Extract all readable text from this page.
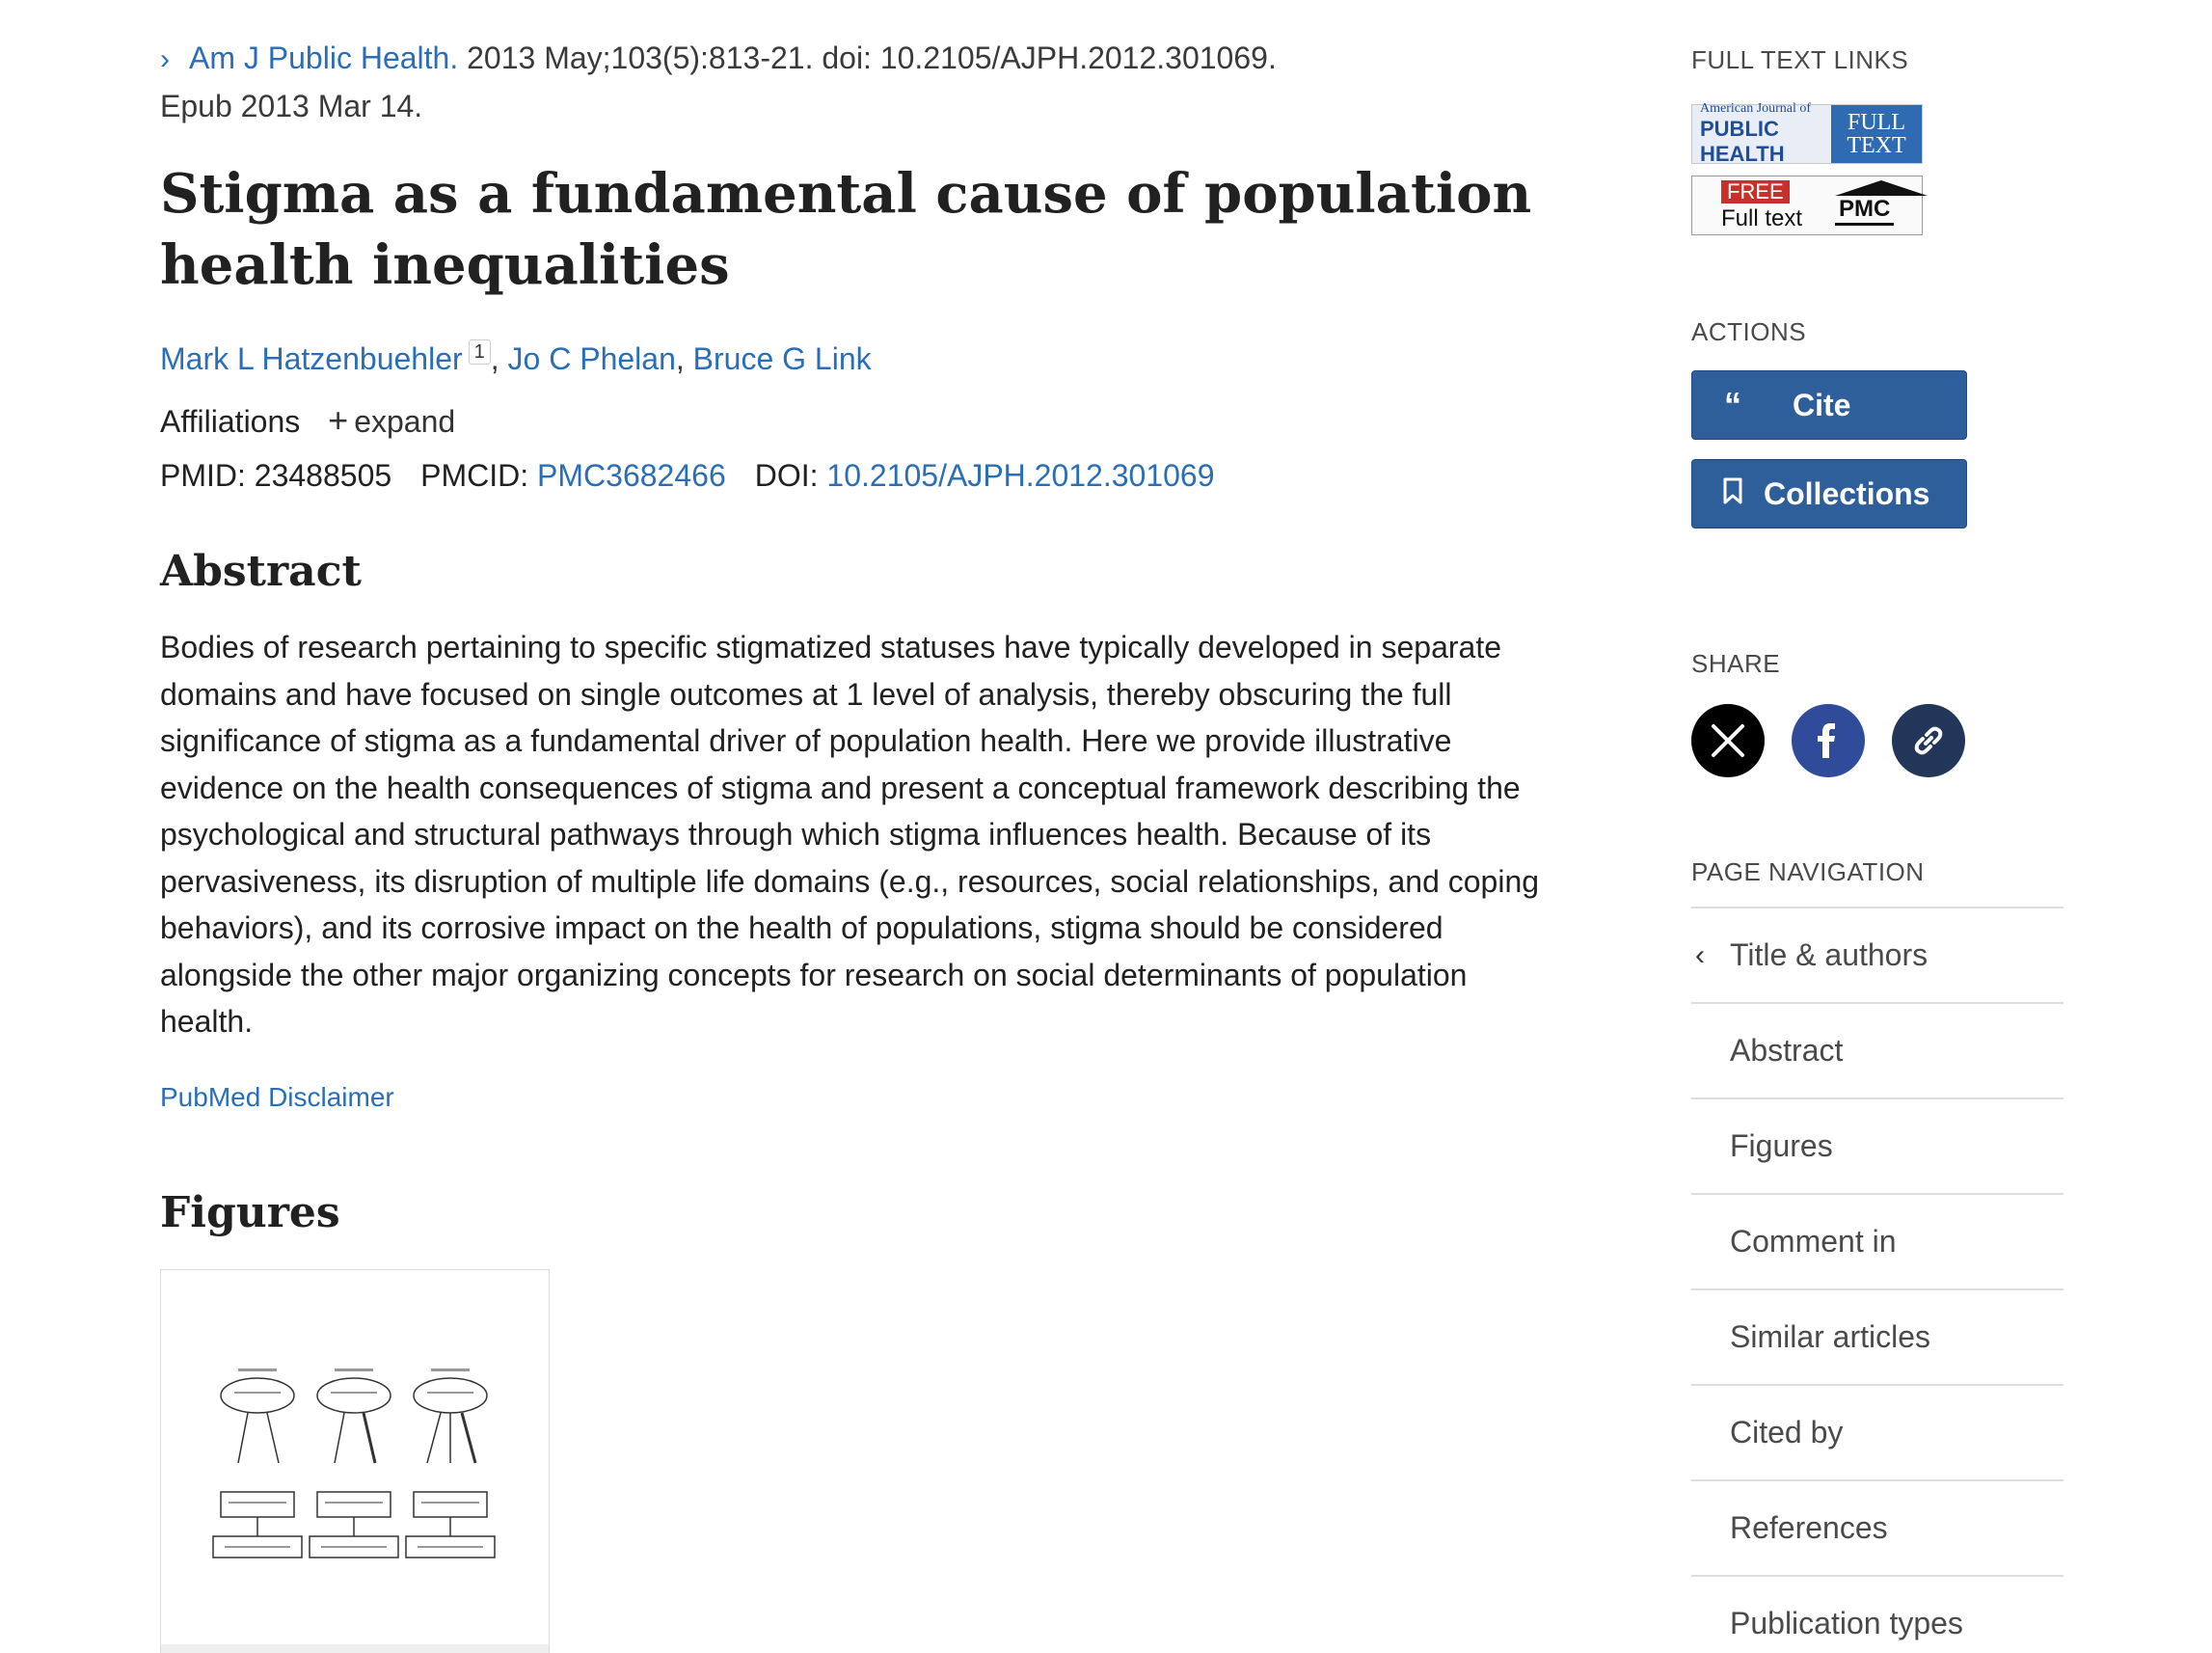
› Am J Public Health. 2013 May;103(5):813-21. doi: 10.2105/AJPH.2012.301069.
Epub 2013 Mar 14.
Stigma as a fundamental cause of population health inequalities
Mark L Hatzenbuehler $^1$ , Jo C Phelan, Bruce G Link
Affiliations + expand
PMID: 23488505 PMCID: PMC3682466 DOI: 10.2105/AJPH.2012.301069
Abstract

Bodies of research pertaining to specific stigmatized statuses have typically developed in separate domains and have focused on single outcomes at 1 level of analysis, thereby obscuring the full significance of stigma as a fundamental driver of population health. Here we provide illustrative evidence on the health consequences of stigma and present a conceptual framework describing the psychological and structural pathways through which stigma influences health. Because of its pervasiveness, its disruption of multiple life domains (e.g., resources, social relationships, and coping behaviors), and its corrosive impact on the health of populations, stigma should be considered alongside the other major organizing concepts for research on social determinants of population health.

PubMed Disclaimer
Figures
FULL TEXT LINKS
American Journal of
PUBLIC HEALTH
FULL
TEXT
FREE
Full text PMC
ACTIONS
“ Cite
Collections
SHARE
PAGE NAVIGATION
‹ Title & authors
Abstract
Figures
Comment in
Similar articles
Cited by
References
Publication types
